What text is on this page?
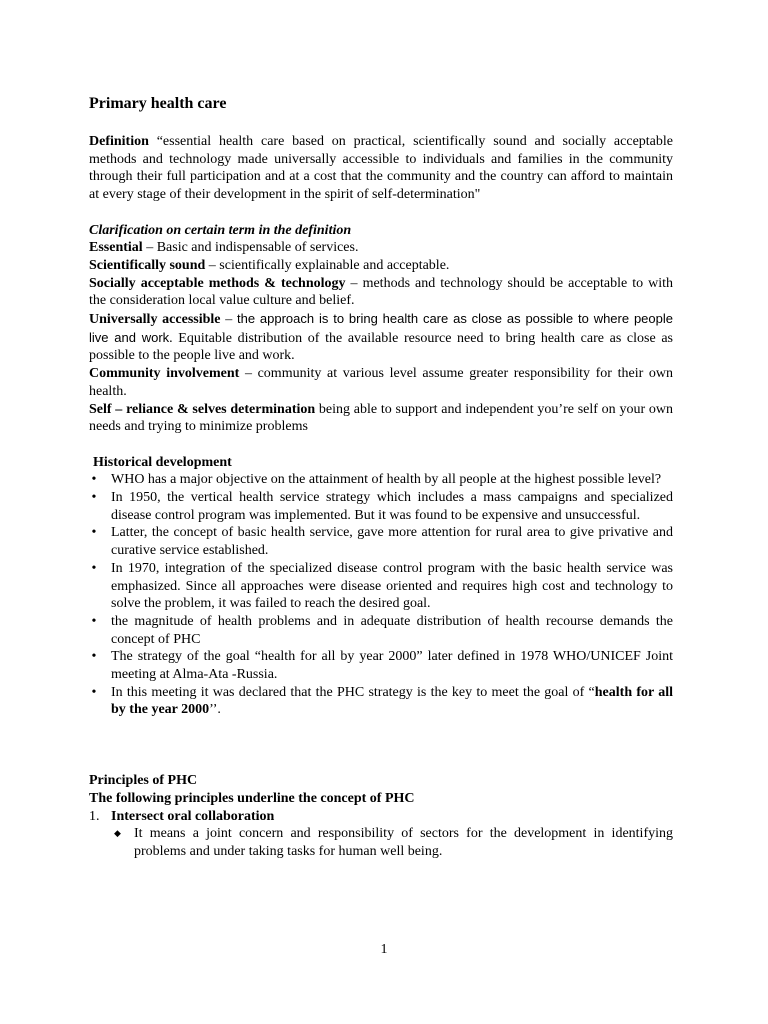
Primary health care

Definition “essential health care based on practical, scientifically sound and socially acceptable methods and technology made universally accessible to individuals and families in the community through their full participation and at a cost that the community and the country can afford to maintain at every stage of their development in the spirit of self-determination"

Clarification on certain term in the definition

Essential – Basic and indispensable of services.

Scientifically sound – scientifically explainable and acceptable.

Socially acceptable methods & technology – methods and technology should be acceptable to with the consideration local value culture and belief.

Universally accessible – the approach is to bring health care as close as possible to where people live and work. Equitable distribution of the available resource need to bring health care as close as possible to the people live and work.

Community involvement – community at various level assume greater responsibility for their own health.

Self – reliance & selves determination being able to support and independent you’re self on your own needs and trying to minimize problems

Historical development

• WHO has a major objective on the attainment of health by all people at the highest possible level?
• In 1950, the vertical health service strategy which includes a mass campaigns and specialized disease control program was implemented. But it was found to be expensive and unsuccessful.
• Latter, the concept of basic health service, gave more attention for rural area to give privative and curative service established.
• In 1970, integration of the specialized disease control program with the basic health service was emphasized. Since all approaches were disease oriented and requires high cost and technology to solve the problem, it was failed to reach the desired goal.
• the magnitude of health problems and in adequate distribution of health recourse demands the concept of PHC
• The strategy of the goal “health for all by year 2000” later defined in 1978 WHO/UNICEF Joint meeting at Alma-Ata -Russia.
• In this meeting it was declared that the PHC strategy is the key to meet the goal of “health for all by the year 2000’’.

Principles of PHC

The following principles underline the concept of PHC

1. Intersect oral collaboration
◆ It means a joint concern and responsibility of sectors for the development in identifying problems and under taking tasks for human well being.
1
